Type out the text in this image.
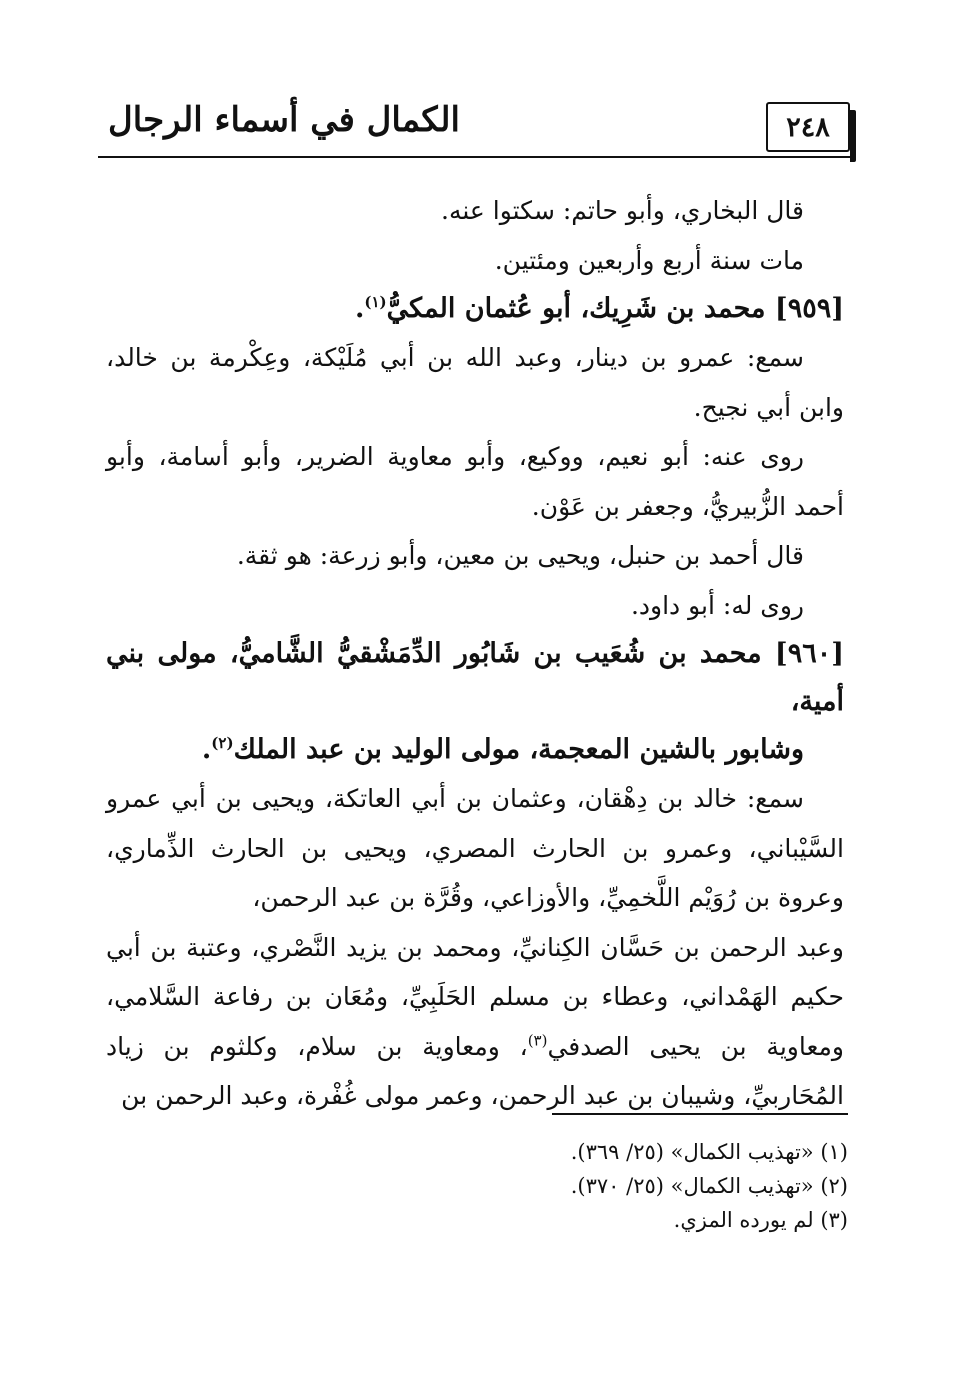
٢٤٨
الكمال في أسماء الرجال

قال البخاري، وأبو حاتم: سكتوا عنه.

مات سنة أربع وأربعين ومئتين.

[٩٥٩] محمد بن شَرِيك، أبو عُثمان المكيُّ$^{(١)}$.

سمع: عمرو بن دينار، وعبد الله بن أبي مُلَيْكة، وعِكْرمة بن خالد، وابن أبي نجيح.

روى عنه: أبو نعيم، ووكيع، وأبو معاوية الضرير، وأبو أسامة، وأبو أحمد الزُّبيريُّ، وجعفر بن عَوْن.

قال أحمد بن حنبل، ويحيى بن معين، وأبو زرعة: هو ثقة.

روى له: أبو داود.

[٩٦٠] محمد بن شُعَيب بن شَابُور الدِّمَشْقيُّ الشَّاميُّ، مولى بني أمية،

وشابور بالشين المعجمة، مولى الوليد بن عبد الملك$^{(٢)}$.

سمع: خالد بن دِهْقان، وعثمان بن أبي العاتكة، ويحيى بن أبي عمرو السَّيْباني، وعمرو بن الحارث المصري، ويحيى بن الحارث الذِّماري، وعروة بن رُوَيْم اللَّخمِيِّ، والأوزاعي، وقُرَّة بن عبد الرحمن،

وعبد الرحمن بن حَسَّان الكِنانيِّ، ومحمد بن يزيد النَّصْري، وعتبة بن أبي حكيم الهَمْداني، وعطاء بن مسلم الحَلَبِيِّ، ومُعَان بن رفاعة السَّلامي، ومعاوية بن يحيى الصدفي$^{(٣)}$، ومعاوية بن سلام، وكلثوم بن زياد المُحَاربيِّ، وشيبان بن عبد الرحمن، وعمر مولى غُفْرة، وعبد الرحمن بن

(١) «تهذيب الكمال» (٢٥/ ٣٦٩).

(٢) «تهذيب الكمال» (٢٥/ ٣٧٠).

(٣) لم يورده المزي.
